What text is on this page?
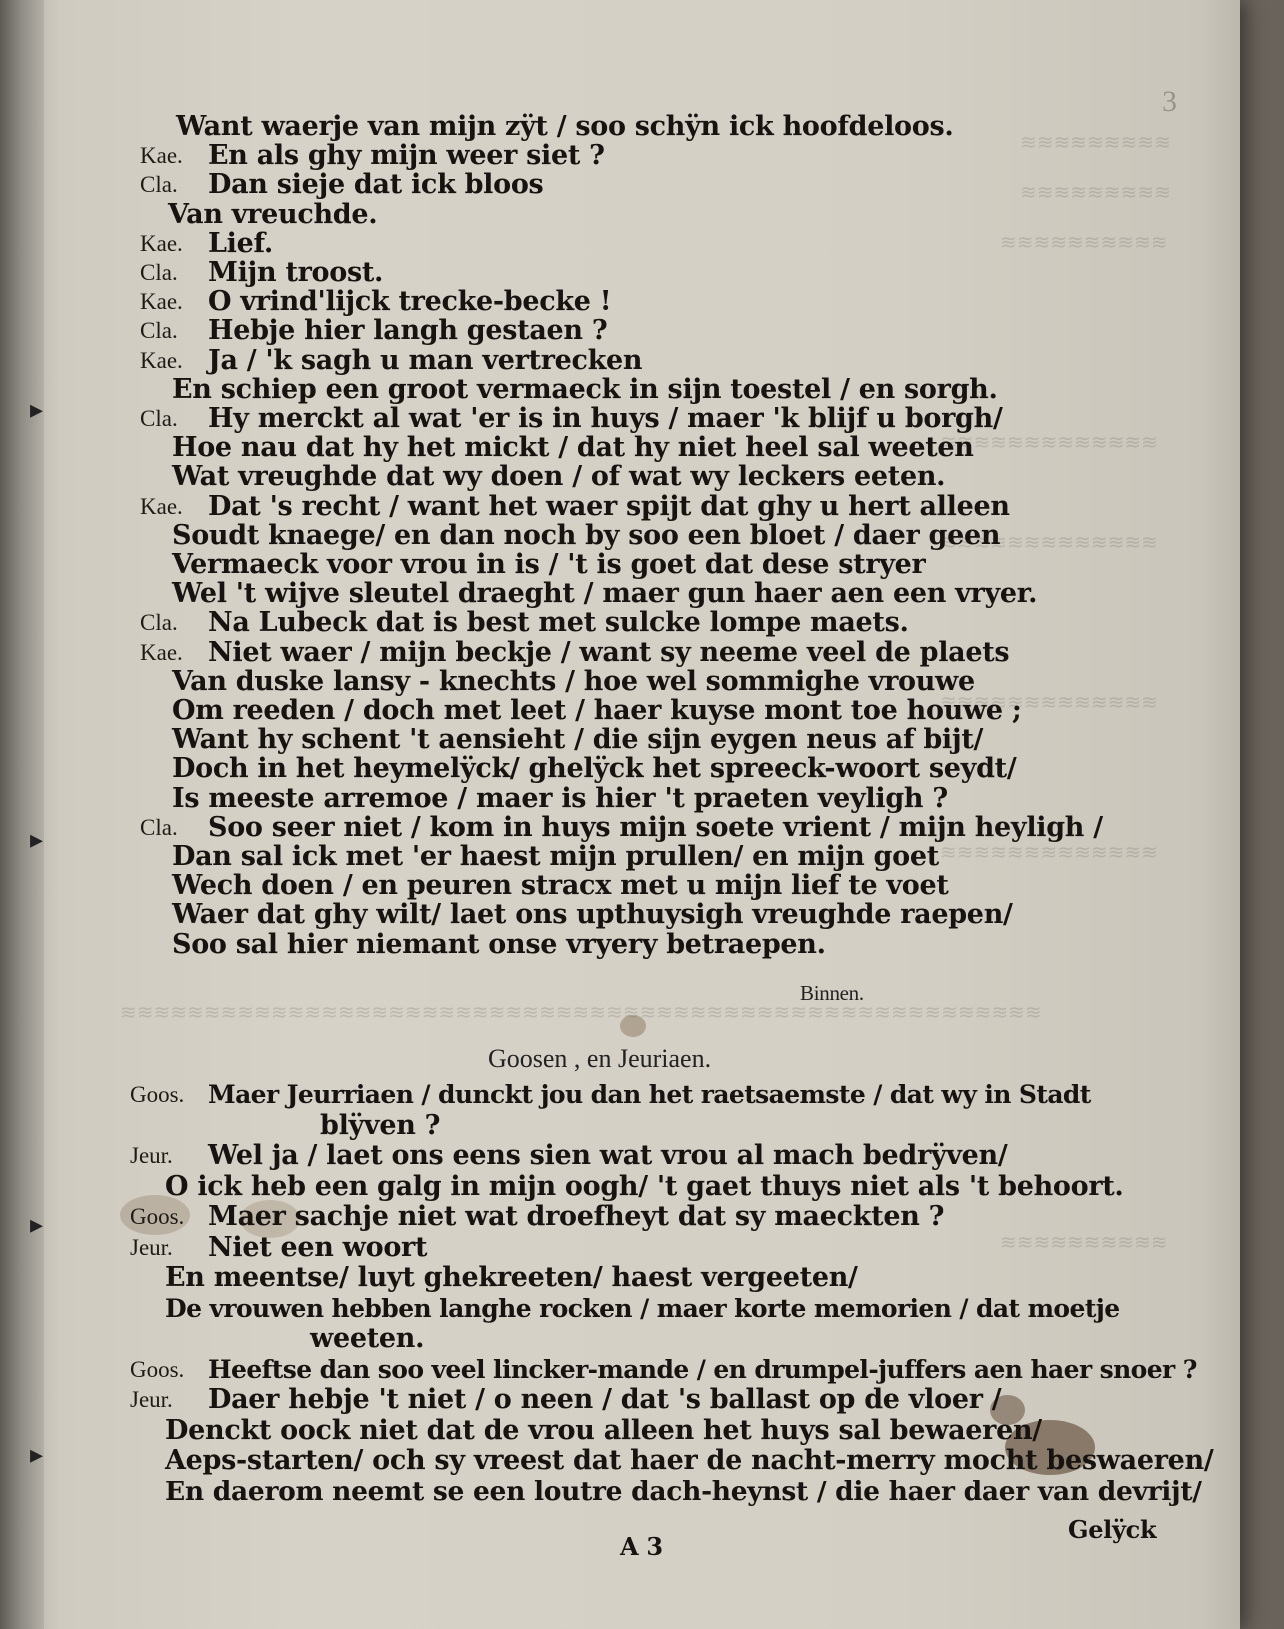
▸
▸
▸
▸
≋≋≋≋≋≋≋≋≋
≋≋≋≋≋≋≋≋≋
≋≋≋≋≋≋≋≋≋≋
≋≋≋≋≋≋≋≋≋≋≋≋≋
≋≋≋≋≋≋≋≋≋≋≋≋≋
≋≋≋≋≋≋≋≋≋≋≋≋≋
≋≋≋≋≋≋≋≋≋≋≋≋≋
≋≋≋≋≋≋≋≋≋≋≋≋≋≋≋≋≋≋≋≋≋≋≋≋≋≋≋≋≋≋≋≋≋≋≋≋≋≋≋≋≋≋≋≋≋≋≋≋≋≋≋≋≋≋≋
≋≋≋≋≋≋≋≋≋≋
3
Want waerje van mijn zÿt / soo schÿn ick hoofdeloos.
Kae. En als ghy mijn weer siet ?
Cla. Dan sieje dat ick bloos
Van vreuchde.
Kae. Lief.
Cla. Mijn troost.
Kae. O vrind'lijck trecke-becke !
Cla. Hebje hier langh gestaen ?
Kae. Ja / 'k sagh u man vertrecken
En schiep een groot vermaeck in sijn toestel / en sorgh.
Cla. Hy merckt al wat 'er is in huys / maer 'k blijf u borgh/
Hoe nau dat hy het mickt / dat hy niet heel sal weeten
Wat vreughde dat wy doen / of wat wy leckers eeten.
Kae. Dat 's recht / want het waer spijt dat ghy u hert alleen
Soudt knaege/ en dan noch by soo een bloet / daer geen
Vermaeck voor vrou in is / 't is goet dat dese stryer
Wel 't wijve sleutel draeght / maer gun haer aen een vryer.
Cla. Na Lubeck dat is best met sulcke lompe maets.
Kae. Niet waer / mijn beckje / want sy neeme veel de plaets
Van duske lansy - knechts / hoe wel sommighe vrouwe
Om reeden / doch met leet / haer kuyse mont toe houwe ;
Want hy schent 't aensieht / die sijn eygen neus af bijt/
Doch in het heymelÿck/ ghelÿck het spreeck-woort seydt/
Is meeste arremoe / maer is hier 't praeten veyligh ?
Cla. Soo seer niet / kom in huys mijn soete vrient / mijn heyligh /
Dan sal ick met 'er haest mijn prullen/ en mijn goet
Wech doen / en peuren stracx met u mijn lief te voet
Waer dat ghy wilt/ laet ons upthuysigh vreughde raepen/
Soo sal hier niemant onse vryery betraepen.
Binnen.
Goosen , en Jeuriaen.
Goos. Maer Jeurriaen / dunckt jou dan het raetsaemste / dat wy in Stadt
blÿven ?
Jeur. Wel ja / laet ons eens sien wat vrou al mach bedrÿven/
O ick heb een galg in mijn oogh/ 't gaet thuys niet als 't behoort.
Goos. Maer sachje niet wat droefheyt dat sy maeckten ?
Jeur. Niet een woort
En meentse/ luyt ghekreeten/ haest vergeeten/
De vrouwen hebben langhe rocken / maer korte memorien / dat moetje
weeten.
Goos. Heeftse dan soo veel lincker-mande / en drumpel-juffers aen haer snoer ?
Jeur. Daer hebje 't niet / o neen / dat 's ballast op de vloer /
Denckt oock niet dat de vrou alleen het huys sal bewaeren/
Aeps-starten/ och sy vreest dat haer de nacht-merry mocht beswaeren/
En daerom neemt se een loutre dach-heynst / die haer daer van devrijt/
A 3
Gelÿck
